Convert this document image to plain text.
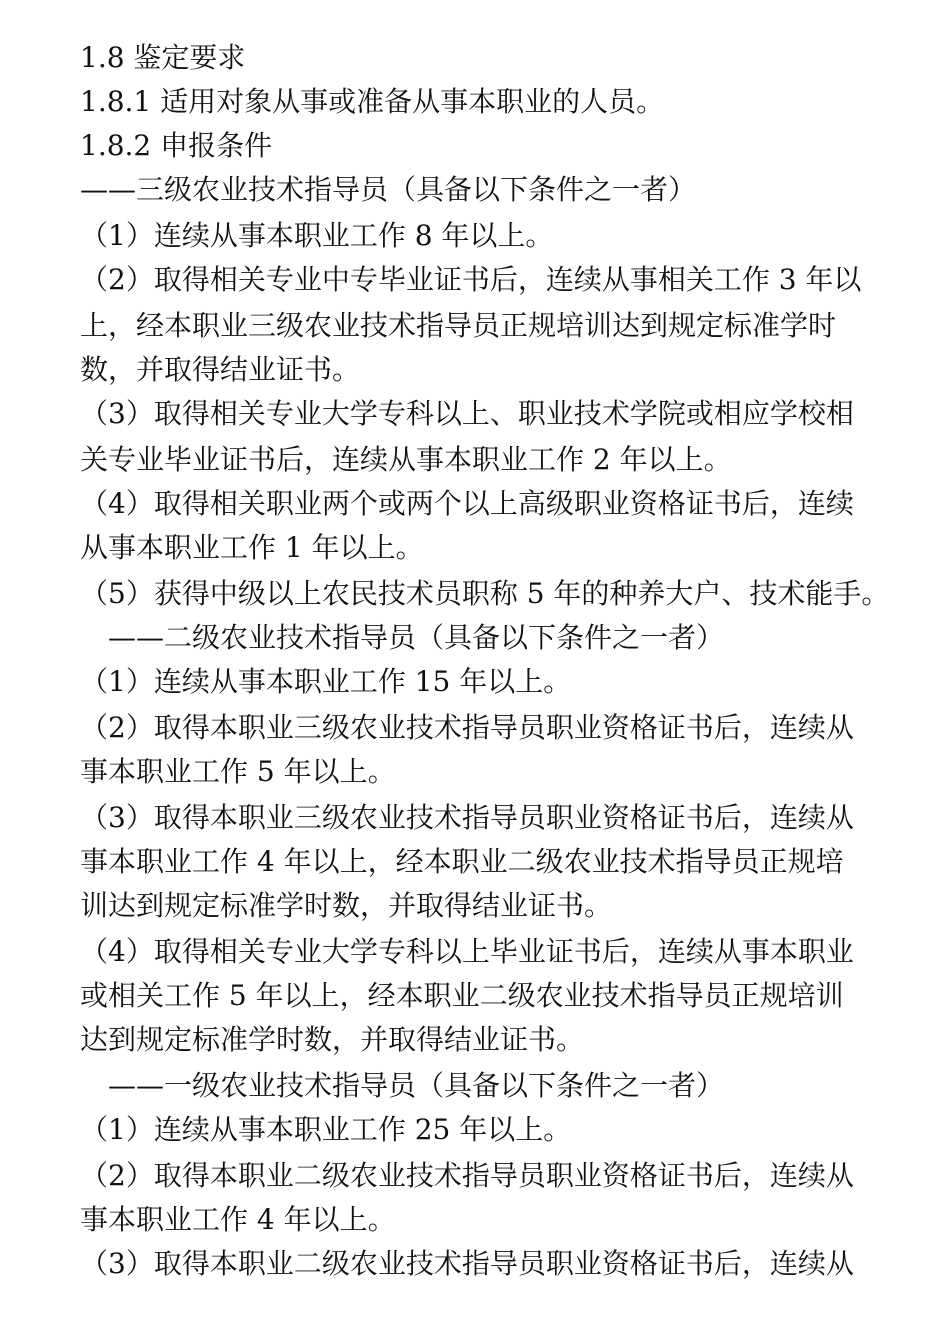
1.8 鉴定要求
1.8.1 适用对象从事或准备从事本职业的人员。
1.8.2 申报条件
——三级农业技术指导员（具备以下条件之一者）
（1）连续从事本职业工作 8 年以上。
（2）取得相关专业中专毕业证书后，连续从事相关工作 3 年以
上，经本职业三级农业技术指导员正规培训达到规定标准学时
数，并取得结业证书。
（3）取得相关专业大学专科以上、职业技术学院或相应学校相
关专业毕业证书后，连续从事本职业工作 2 年以上。
（4）取得相关职业两个或两个以上高级职业资格证书后，连续
从事本职业工作 1 年以上。
（5）获得中级以上农民技术员职称 5 年的种养大户、技术能手。
——二级农业技术指导员（具备以下条件之一者）
（1）连续从事本职业工作 15 年以上。
（2）取得本职业三级农业技术指导员职业资格证书后，连续从
事本职业工作 5 年以上。
（3）取得本职业三级农业技术指导员职业资格证书后，连续从
事本职业工作 4 年以上，经本职业二级农业技术指导员正规培
训达到规定标准学时数，并取得结业证书。
（4）取得相关专业大学专科以上毕业证书后，连续从事本职业
或相关工作 5 年以上，经本职业二级农业技术指导员正规培训
达到规定标准学时数，并取得结业证书。
——一级农业技术指导员（具备以下条件之一者）
（1）连续从事本职业工作 25 年以上。
（2）取得本职业二级农业技术指导员职业资格证书后，连续从
事本职业工作 4 年以上。
（3）取得本职业二级农业技术指导员职业资格证书后，连续从
